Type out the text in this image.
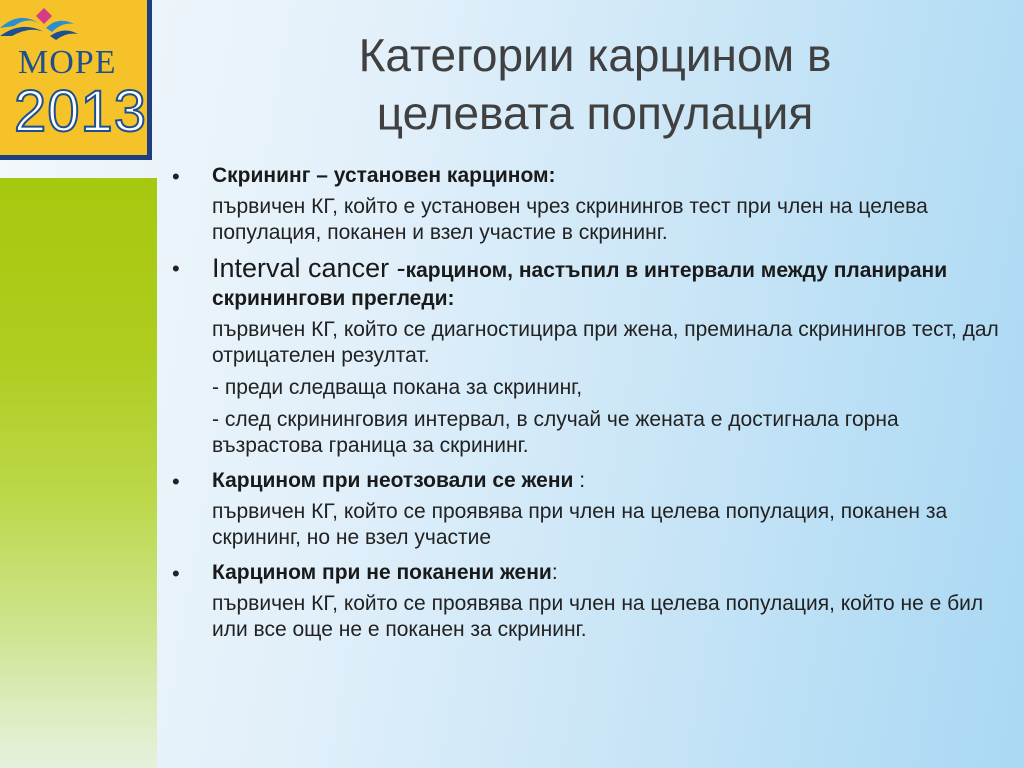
МОРЕ
2013
Категории карцином в
целевата популация
• Скрининг – установен карцином:
първичен КГ, който е установен чрез скринингов тест при член на целева популация, поканен и взел участие в скрининг.
• Interval cancer -карцином, настъпил в интервали между планирани скринингови прегледи:
първичен КГ, който се диагностицира при жена, преминала скринингов тест, дал отрицателен резултат.
- преди следваща покана за скрининг,
- след скрининговия интервал, в случай че жената е достигнала горна възрастова граница за скрининг.
• Карцином при неотзовали се жени :
първичен КГ, който се проявява при член на целева популация, поканен за скрининг, но не взел участие
• Карцином при не поканени жени:
първичен КГ, който се проявява при член на целева популация, който не е бил или все още не е поканен за скрининг.
